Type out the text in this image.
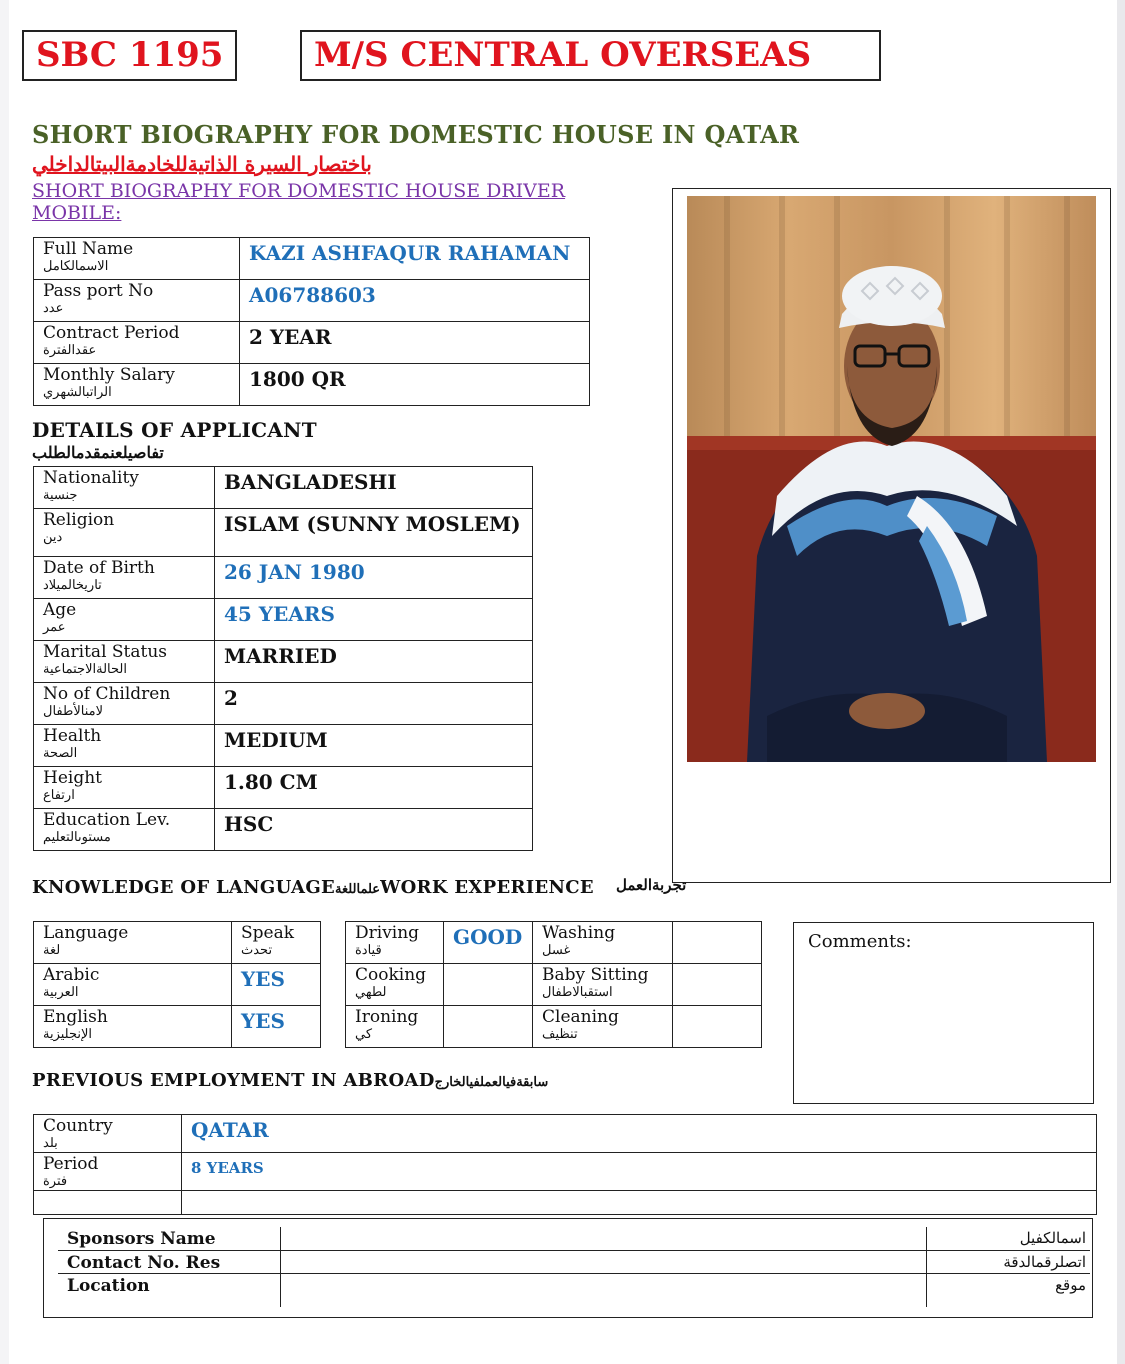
SBC 1195	M/S CENTRAL OVERSEAS
SHORT BIOGRAPHY FOR DOMESTIC HOUSE IN QATAR
باختصار السيرة الذاتيةللخادمةالبيتالداخلي
SHORT BIOGRAPHY FOR DOMESTIC HOUSE DRIVER
MOBILE:
Full Name
الاسمالكامل	KAZI ASHFAQUR RAHAMAN

Pass port No
عدد	A06788603

Contract Period
عقدالفترة	2 YEAR

Monthly Salary
الراتبالشهري	1800 QR
DETAILS OF APPLICANT
تفاصيلعنمقدمالطلب
Nationality
جنسية	BANGLADESHI

Religion
دين	ISLAM (SUNNY MOSLEM)

Date of Birth
تاريخالميلاد	26 JAN 1980

Age
عمر	45 YEARS

Marital Status
الحالةالاجتماعية	MARRIED

No of Children
لامنالأطفال	2

Health
الصحة	MEDIUM

Height
ارتفاع	1.80 CM

Education Lev.
مستوىالتعليم	HSC
KNOWLEDGE OF LANGUAGEعلماللغةWORK EXPERIENCE تجربةالعمل
Language
لغة	Speak
تحدث

Arabic
العربية	YES

English
الإنجليزية	YES
Driving
قيادة	GOOD	Washing
غسل	

Cooking
لطهي		Baby Sitting
استقبالاطفال	

Ironing
كي		Cleaning
تنظيف	

Comments:
PREVIOUS EMPLOYMENT IN ABROADسابقةفيالعملفيالخارج
Country
بلد	QATAR

Period
فترة	8 YEARS

Sponsors Name		اسمالكفيل

Contact No. Res		اتصلرقمالدقة

Location		موقع
